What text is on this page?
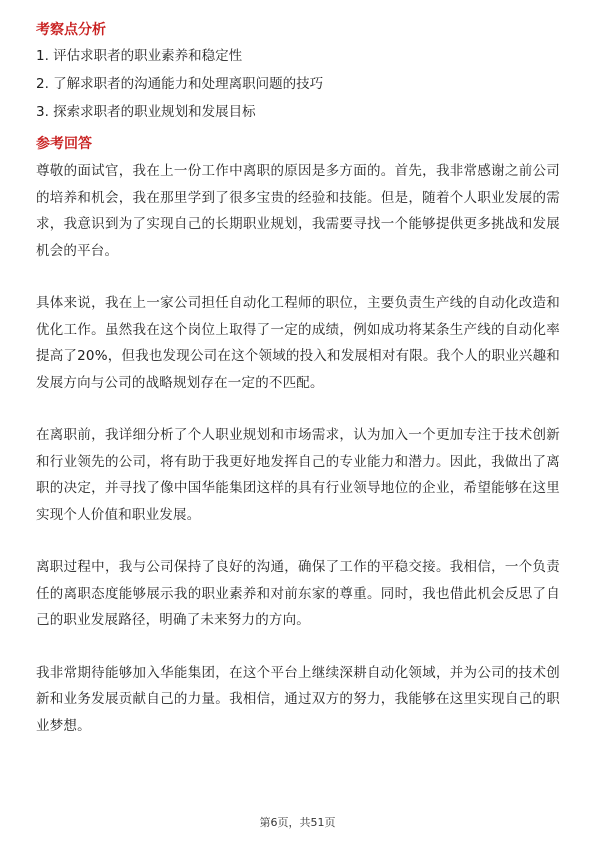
考察点分析
1. 评估求职者的职业素养和稳定性
2. 了解求职者的沟通能力和处理离职问题的技巧
3. 探索求职者的职业规划和发展目标
参考回答

尊敬的面试官，我在上一份工作中离职的原因是多方面的。首先，我非常感谢之前公司的培养和机会，我在那里学到了很多宝贵的经验和技能。但是，随着个人职业发展的需求，我意识到为了实现自己的长期职业规划，我需要寻找一个能够提供更多挑战和发展机会的平台。

具体来说，我在上一家公司担任自动化工程师的职位，主要负责生产线的自动化改造和优化工作。虽然我在这个岗位上取得了一定的成绩，例如成功将某条生产线的自动化率提高了20%，但我也发现公司在这个领域的投入和发展相对有限。我个人的职业兴趣和发展方向与公司的战略规划存在一定的不匹配。

在离职前，我详细分析了个人职业规划和市场需求，认为加入一个更加专注于技术创新和行业领先的公司，将有助于我更好地发挥自己的专业能力和潜力。因此，我做出了离职的决定，并寻找了像中国华能集团这样的具有行业领导地位的企业，希望能够在这里实现个人价值和职业发展。

离职过程中，我与公司保持了良好的沟通，确保了工作的平稳交接。我相信，一个负责任的离职态度能够展示我的职业素养和对前东家的尊重。同时，我也借此机会反思了自己的职业发展路径，明确了未来努力的方向。

我非常期待能够加入华能集团，在这个平台上继续深耕自动化领域，并为公司的技术创新和业务发展贡献自己的力量。我相信，通过双方的努力，我能够在这里实现自己的职业梦想。

第6页，共51页
